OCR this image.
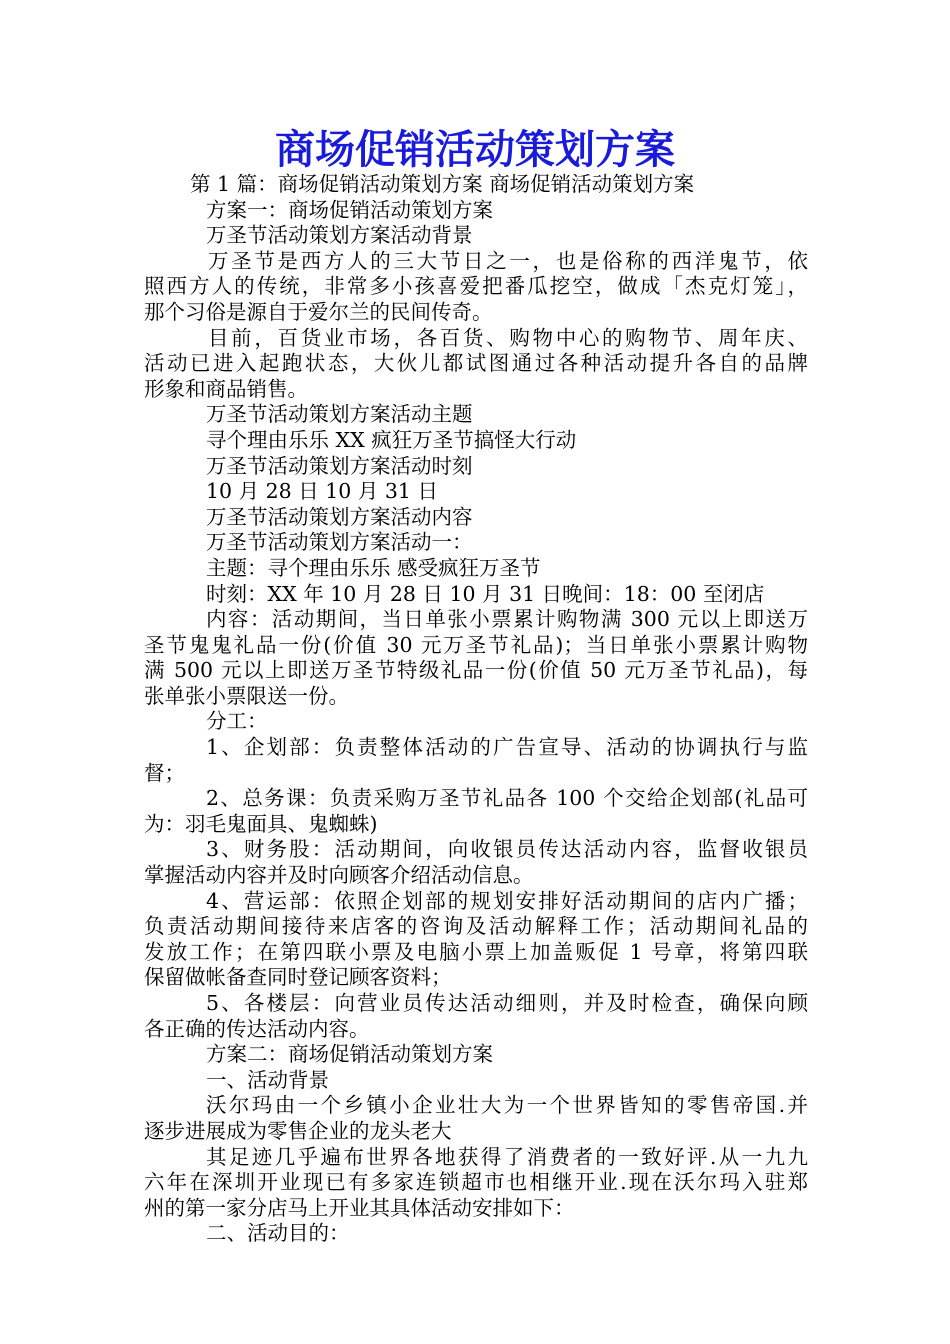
商场促销活动策划方案

第 1 篇：商场促销活动策划方案 商场促销活动策划方案

方案一：商场促销活动策划方案

万圣节活动策划方案活动背景

万圣节是西方人的三大节日之一，也是俗称的西洋鬼节，依

照西方人的传统，非常多小孩喜爱把番瓜挖空，做成「杰克灯笼」，

那个习俗是源自于爱尔兰的民间传奇。

目前，百货业市场，各百货、购物中心的购物节、周年庆、

活动已进入起跑状态，大伙儿都试图通过各种活动提升各自的品牌

形象和商品销售。

万圣节活动策划方案活动主题

寻个理由乐乐 XX 疯狂万圣节搞怪大行动

万圣节活动策划方案活动时刻

10 月 28 日 10 月 31 日

万圣节活动策划方案活动内容

万圣节活动策划方案活动一：

主题：寻个理由乐乐 感受疯狂万圣节

时刻：XX 年 10 月 28 日 10 月 31 日晚间：18：00 至闭店

内容：活动期间，当日单张小票累计购物满 300 元以上即送万

圣节鬼鬼礼品一份(价值 30 元万圣节礼品)；当日单张小票累计购物

满 500 元以上即送万圣节特级礼品一份(价值 50 元万圣节礼品)，每

张单张小票限送一份。

分工：

1、企划部：负责整体活动的广告宣导、活动的协调执行与监

督；

2、总务课：负责采购万圣节礼品各 100 个交给企划部(礼品可

为：羽毛鬼面具、鬼蜘蛛)

3、财务股：活动期间，向收银员传达活动内容，监督收银员

掌握活动内容并及时向顾客介绍活动信息。

4、营运部：依照企划部的规划安排好活动期间的店内广播；

负责活动期间接待来店客的咨询及活动解释工作；活动期间礼品的

发放工作；在第四联小票及电脑小票上加盖贩促 1 号章，将第四联

保留做帐备查同时登记顾客资料；

5、各楼层：向营业员传达活动细则，并及时检查，确保向顾

各正确的传达活动内容。

方案二：商场促销活动策划方案

一、活动背景

沃尔玛由一个乡镇小企业壮大为一个世界皆知的零售帝国.并

逐步进展成为零售企业的龙头老大

其足迹几乎遍布世界各地获得了消费者的一致好评.从一九九

六年在深圳开业现已有多家连锁超市也相继开业.现在沃尔玛入驻郑

州的第一家分店马上开业其具体活动安排如下：

二、活动目的：
